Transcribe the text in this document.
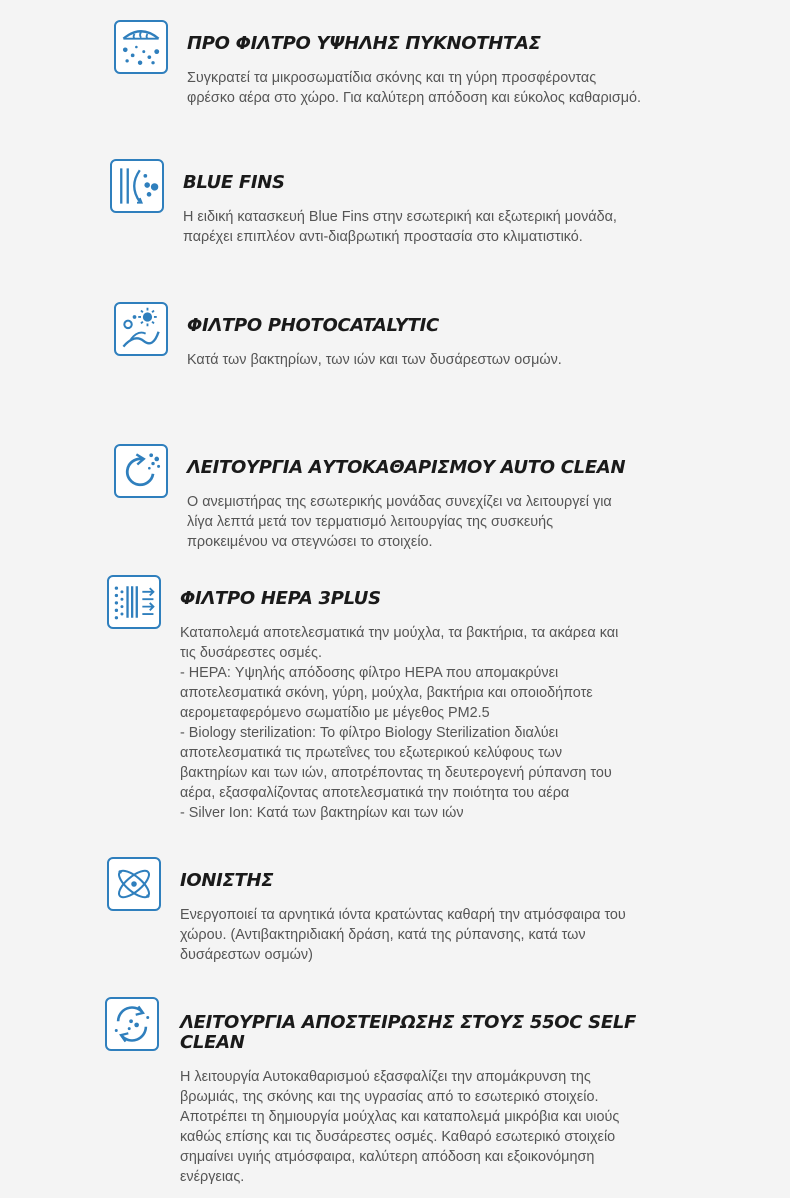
ΠΡΟ ΦΙΛΤΡΟ ΥΨΗΛΗΣ ΠΥΚΝΟΤΗΤΑΣ

Συγκρατεί τα μικροσωματίδια σκόνης και τη γύρη προσφέροντας
φρέσκο αέρα στο χώρο. Για καλύτερη απόδοση και εύκολος καθαρισμό.

BLUE FINS

Η ειδική κατασκευή Blue Fins στην εσωτερική και εξωτερική μονάδα,
παρέχει επιπλέον αντι-διαβρωτική προστασία στο κλιματιστικό.

ΦΙΛΤΡΟ PHOTOCATALYTIC

Κατά των βακτηρίων, των ιών και των δυσάρεστων οσμών.

ΛΕΙΤΟΥΡΓΙΑ ΑΥΤΟΚΑΘΑΡΙΣΜΟΥ AUTO CLEAN

Ο ανεμιστήρας της εσωτερικής μονάδας συνεχίζει να λειτουργεί για
λίγα λεπτά μετά τον τερματισμό λειτουργίας της συσκευής
προκειμένου να στεγνώσει το στοιχείο.

ΦΙΛΤΡΟ HEPA 3PLUS

Καταπολεμά αποτελεσματικά την μούχλα, τα βακτήρια, τα ακάρεα και
τις δυσάρεστες οσμές.
- HEPA: Υψηλής απόδοσης φίλτρο HEPA που απομακρύνει
αποτελεσματικά σκόνη, γύρη, μούχλα, βακτήρια και οποιοδήποτε
αερομεταφερόμενο σωματίδιο με μέγεθος PM2.5
- Biology sterilization: Το φίλτρο Biology Sterilization διαλύει
αποτελεσματικά τις πρωτεΐνες του εξωτερικού κελύφους των
βακτηρίων και των ιών, αποτρέποντας τη δευτερογενή ρύπανση του
αέρα, εξασφαλίζοντας αποτελεσματικά την ποιότητα του αέρα
- Silver Ion: Κατά των βακτηρίων και των ιών

ΙΟΝΙΣΤΗΣ

Ενεργοποιεί τα αρνητικά ιόντα κρατώντας καθαρή την ατμόσφαιρα του
χώρου. (Αντιβακτηριδιακή δράση, κατά της ρύπανσης, κατά των
δυσάρεστων οσμών)

ΛΕΙΤΟΥΡΓΙΑ ΑΠΟΣΤΕΙΡΩΣΗΣ ΣΤΟΥΣ 55ΟC SELF CLEAN

Η λειτουργία Αυτοκαθαρισμού εξασφαλίζει την απομάκρυνση της
βρωμιάς, της σκόνης και της υγρασίας από το εσωτερικό στοιχείο.
Αποτρέπει τη δημιουργία μούχλας και καταπολεμά μικρόβια και υιούς
καθώς επίσης και τις δυσάρεστες οσμές. Καθαρό εσωτερικό στοιχείο
σημαίνει υγιής ατμόσφαιρα, καλύτερη απόδοση και εξοικονόμηση
ενέργειας.
